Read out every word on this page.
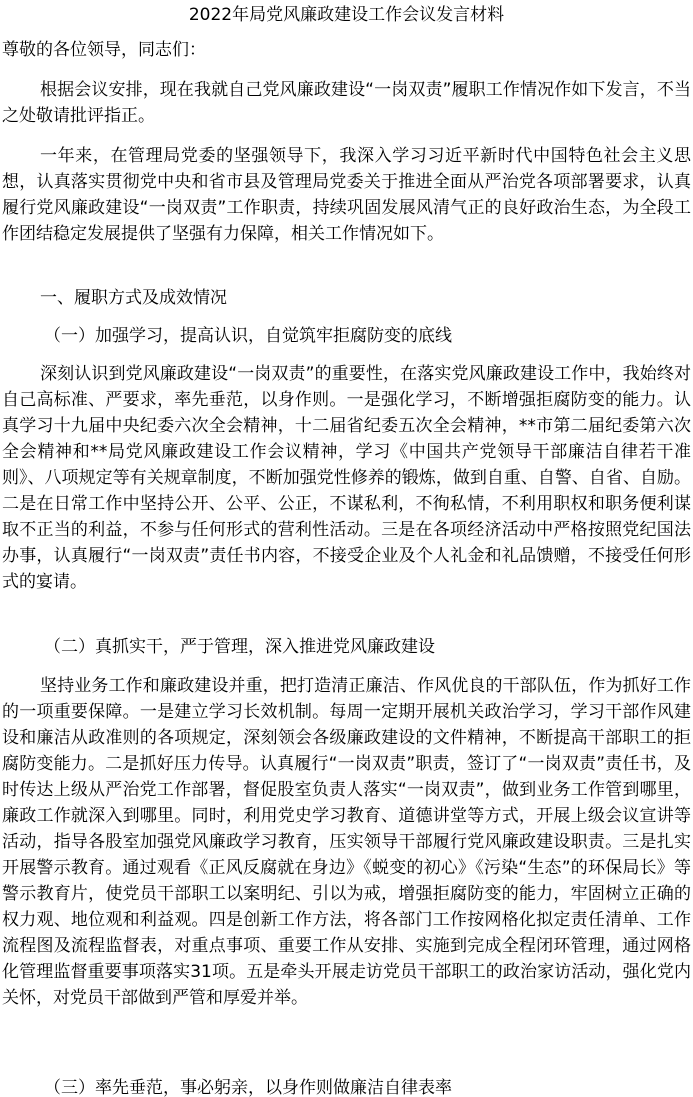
2022年局党风廉政建设工作会议发言材料

尊敬的各位领导，同志们：

根据会议安排，现在我就自己党风廉政建设“一岗双责”履职工作情况作如下发言，不当之处敬请批评指正。

一年来，在管理局党委的坚强领导下，我深入学习习近平新时代中国特色社会主义思想，认真落实贯彻党中央和省市县及管理局党委关于推进全面从严治党各项部署要求，认真履行党风廉政建设“一岗双责”工作职责，持续巩固发展风清气正的良好政治生态，为全段工作团结稳定发展提供了坚强有力保障，相关工作情况如下。

一、履职方式及成效情况

（一）加强学习，提高认识，自觉筑牢拒腐防变的底线

深刻认识到党风廉政建设“一岗双责”的重要性，在落实党风廉政建设工作中，我始终对自己高标准、严要求，率先垂范，以身作则。一是强化学习，不断增强拒腐防变的能力。认真学习十九届中央纪委六次全会精神，十二届省纪委五次全会精神，**市第二届纪委第六次全会精神和**局党风廉政建设工作会议精神，学习《中国共产党领导干部廉洁自律若干准则》、八项规定等有关规章制度，不断加强党性修养的锻炼，做到自重、自警、自省、自励。二是在日常工作中坚持公开、公平、公正，不谋私利，不徇私情，不利用职权和职务便利谋取不正当的利益，不参与任何形式的营利性活动。三是在各项经济活动中严格按照党纪国法办事，认真履行“一岗双责”责任书内容，不接受企业及个人礼金和礼品馈赠，不接受任何形式的宴请。

（二）真抓实干，严于管理，深入推进党风廉政建设

坚持业务工作和廉政建设并重，把打造清正廉洁、作风优良的干部队伍，作为抓好工作的一项重要保障。一是建立学习长效机制。每周一定期开展机关政治学习，学习干部作风建设和廉洁从政准则的各项规定，深刻领会各级廉政建设的文件精神，不断提高干部职工的拒腐防变能力。二是抓好压力传导。认真履行“一岗双责”职责，签订了“一岗双责”责任书，及时传达上级从严治党工作部署，督促股室负责人落实“一岗双责”，做到业务工作管到哪里，廉政工作就深入到哪里。同时，利用党史学习教育、道德讲堂等方式，开展上级会议宣讲等活动，指导各股室加强党风廉政学习教育，压实领导干部履行党风廉政建设职责。三是扎实开展警示教育。通过观看《正风反腐就在身边》《蜕变的初心》《污染“生态”的环保局长》等警示教育片，使党员干部职工以案明纪、引以为戒，增强拒腐防变的能力，牢固树立正确的权力观、地位观和利益观。四是创新工作方法，将各部门工作按网格化拟定责任清单、工作流程图及流程监督表，对重点事项、重要工作从安排、实施到完成全程闭环管理，通过网格化管理监督重要事项落实31项。五是牵头开展走访党员干部职工的政治家访活动，强化党内关怀，对党员干部做到严管和厚爱并举。

（三）率先垂范，事必躬亲，以身作则做廉洁自律表率
